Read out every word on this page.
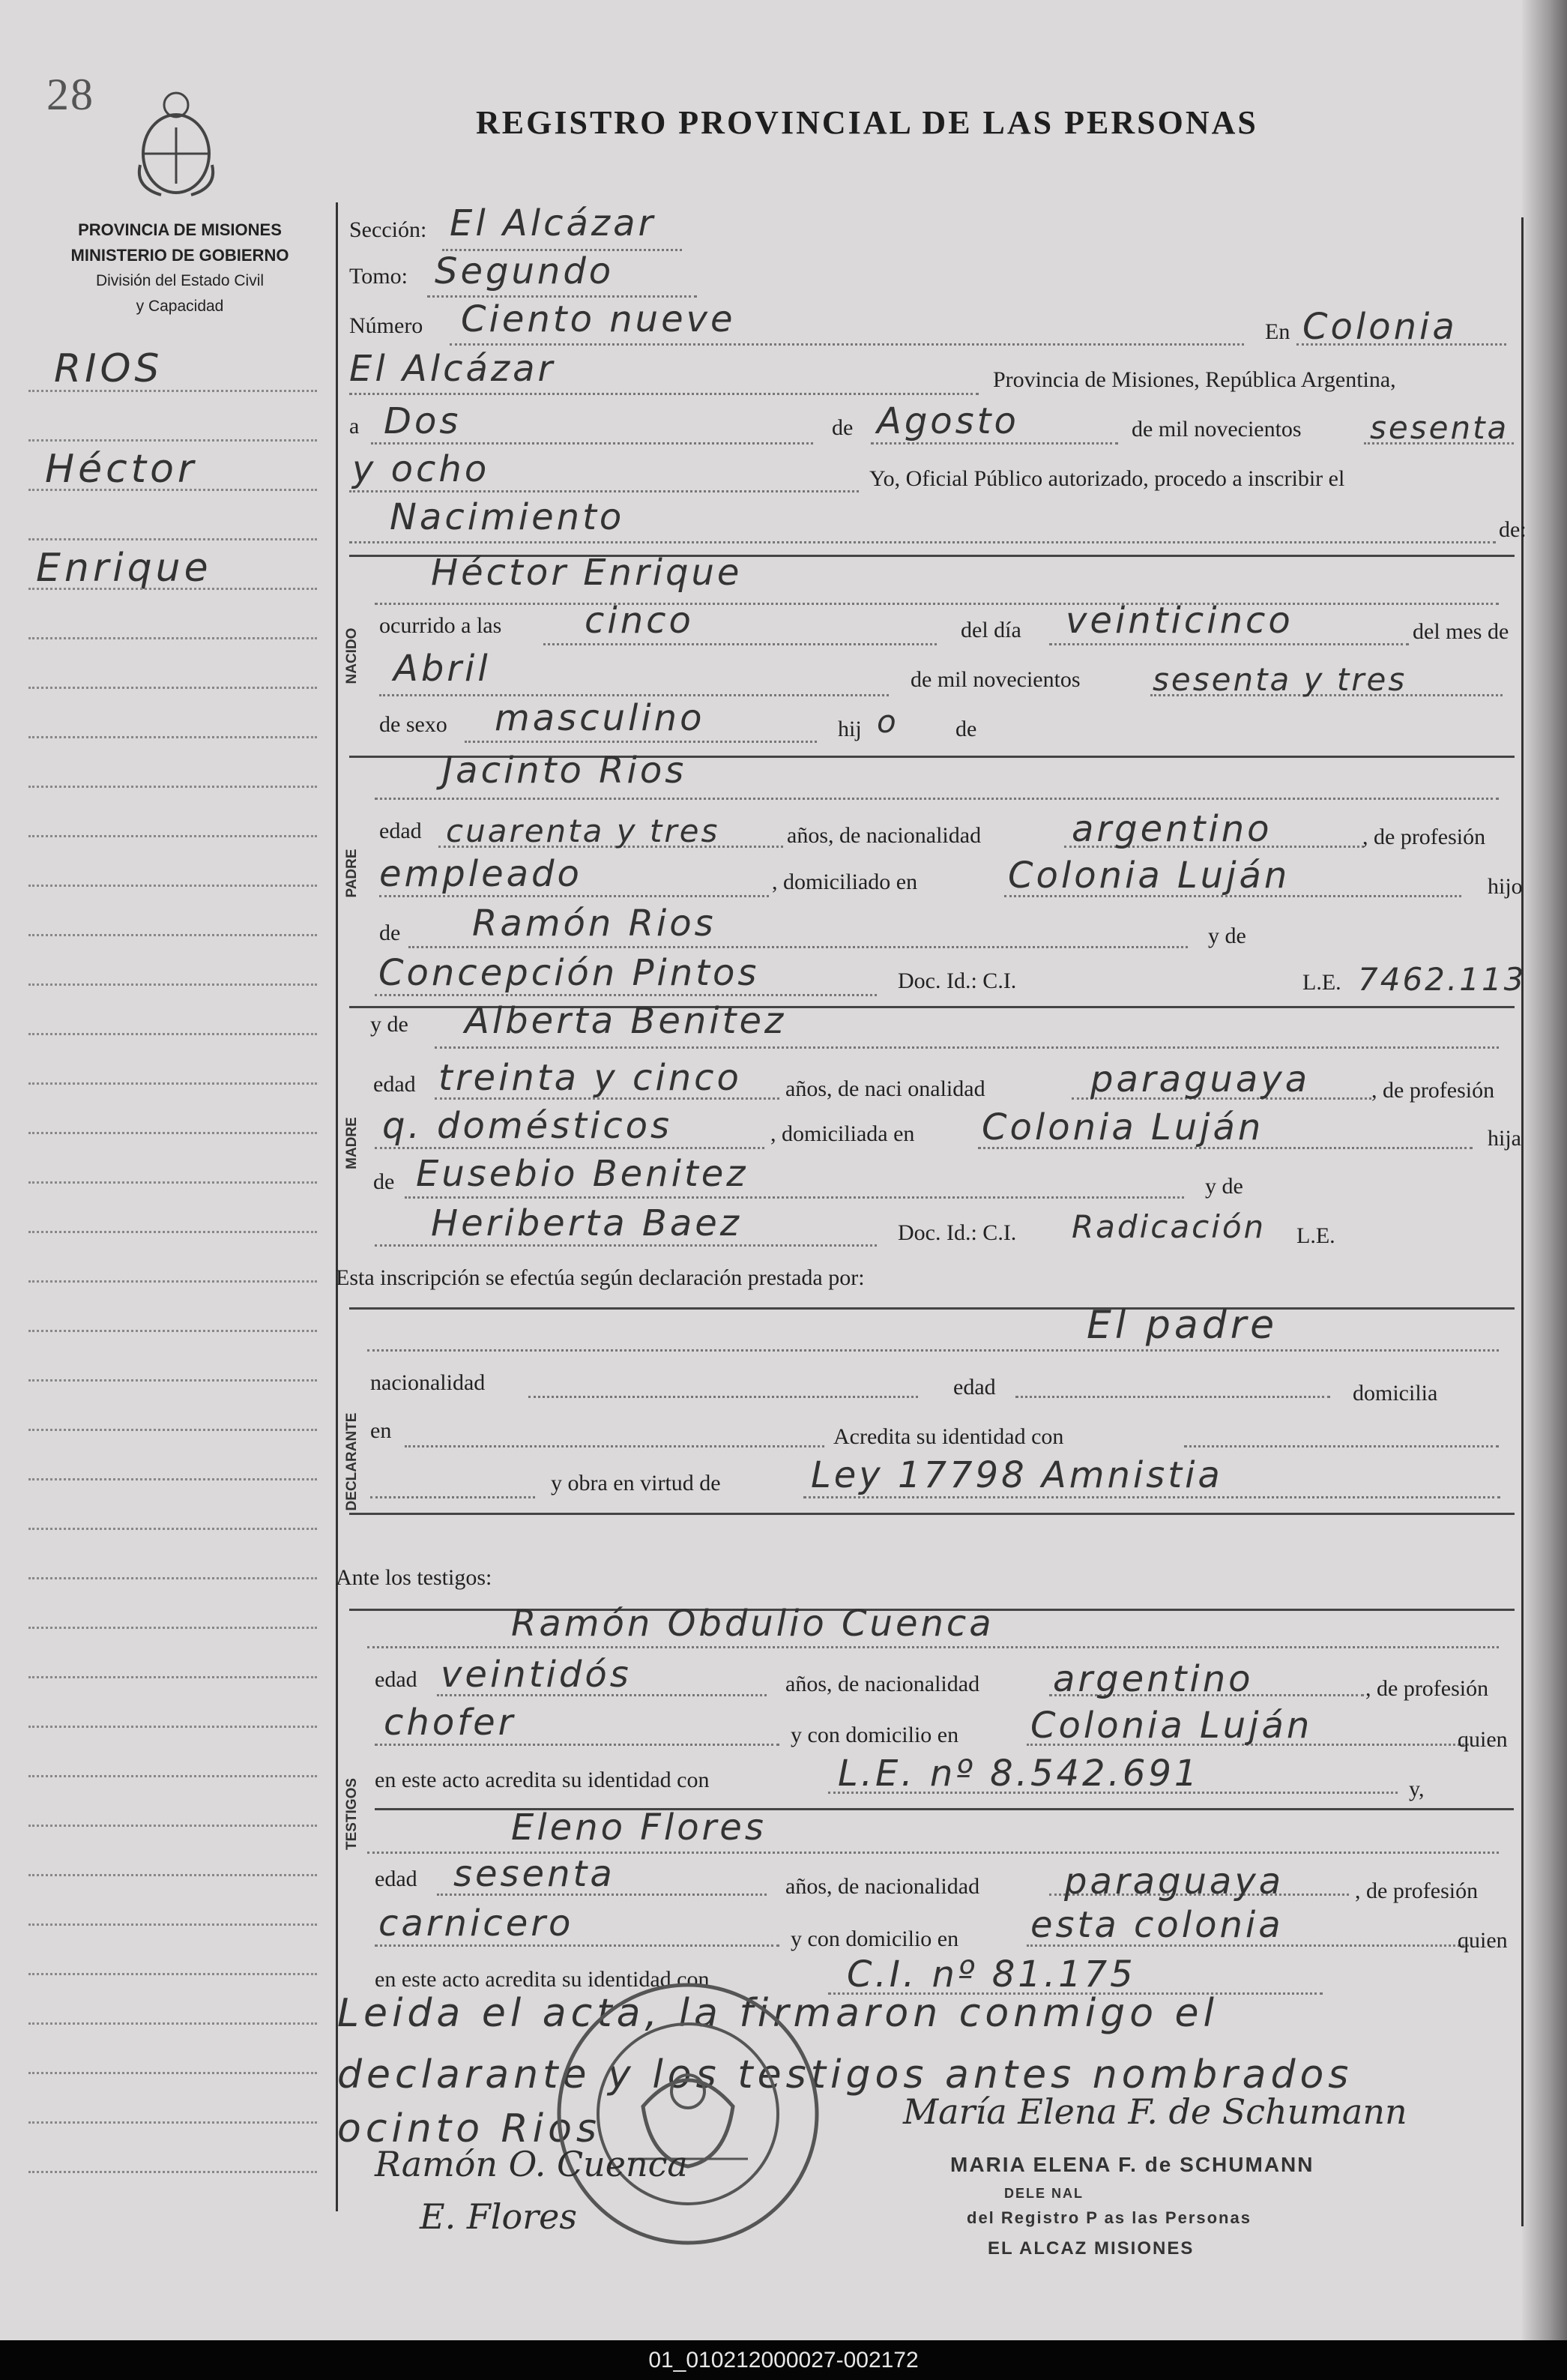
28
REGISTRO PROVINCIAL DE LAS PERSONAS
PROVINCIA DE MISIONES
MINISTERIO DE GOBIERNO
División del Estado Civil
y Capacidad
RIOS
Héctor
Enrique
Sección: El Alcázar
Tomo: Segundo
Número Ciento nueve	En Colonia
El Alcázar	Provincia de Misiones, República Argentina,
a Dos	de Agosto	de mil novecientos sesenta
y ocho	Yo, Oficial Público autorizado, procedo a inscribir el
Nacimiento	de:
NACIDO
Héctor Enrique
ocurrido a las cinco	del día veinticinco	del mes de
Abril	de mil novecientos sesenta y tres
de sexo masculino	hij o	de
PADRE
Jacinto Rios
edad cuarenta y tres	años, de nacionalidad	argentino	, de profesión
empleado	, domiciliado en	Colonia Luján	hijo
de Ramón Rios	y de
Concepción Pintos	Doc. Id.: C.I.	L.E. 7462.113
y de Alberta Benitez
MADRE
edad treinta y cinco años, de naci onalidad	paraguaya	, de profesión
q. domésticos	, domiciliada en Colonia Luján	hija
de Eusebio Benitez	y de
Heriberta Baez	Doc. Id.: C.I. Radicación L.E.
Esta inscripción se efectúa según declaración prestada por:
DECLARANTE
El padre
nacionalidad	edad	domicilia
en	Acredita su identidad con
y obra en virtud de	Ley 17798 Amnistia
Ante los testigos:
TESTIGOS
Ramón Obdulio Cuenca
edad veintidós	años, de nacionalidad argentino	, de profesión
chofer	y con domicilio en Colonia Luján	quien
en este acto acredita su identidad con	L.E. nº 8.542.691	y,
Eleno Flores
edad sesenta	años, de nacionalidad paraguaya	, de profesión
carnicero	y con domicilio en esta colonia	quien
en este acto acredita su identidad con	C.I. nº 81.175
Leida el acta, la firmaron conmigo el
declarante y los testigos antes nombrados
ocinto Rios	María Elena F. de Schumann
Ramón O. Cuenca
E. Flores
MARIA ELENA F. de SCHUMANN
DELE NAL
del Registro P as las Personas
EL ALCAZ MISIONES
01_010212000027-002172
